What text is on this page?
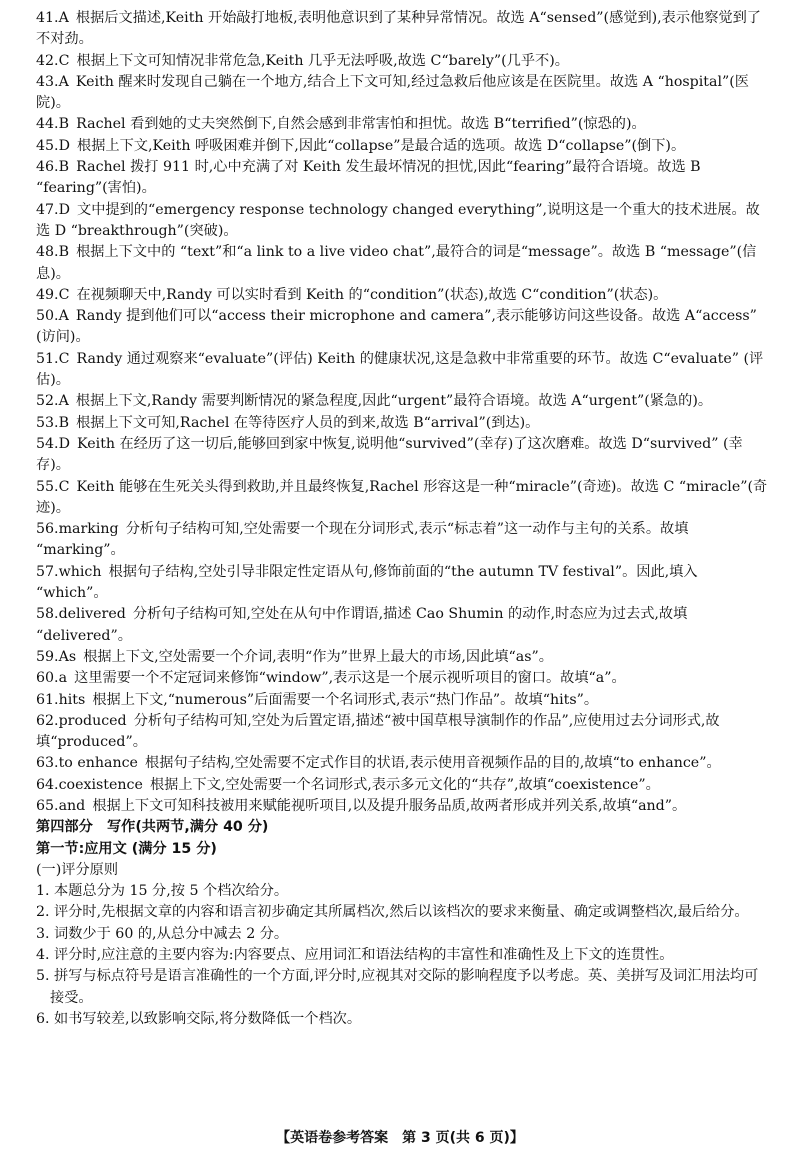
41.A  根据后文描述,Keith 开始敲打地板,表明他意识到了某种异常情况。故选 A“sensed”(感觉到),表示他察觉到了不对劲。

42.C  根据上下文可知情况非常危急,Keith 几乎无法呼吸,故选 C“barely”(几乎不)。

43.A  Keith 醒来时发现自己躺在一个地方,结合上下文可知,经过急救后他应该是在医院里。故选 A “hospital”(医院)。

44.B  Rachel 看到她的丈夫突然倒下,自然会感到非常害怕和担忧。故选 B“terrified”(惊恐的)。

45.D  根据上下文,Keith 呼吸困难并倒下,因此“collapse”是最合适的选项。故选 D“collapse”(倒下)。

46.B  Rachel 拨打 911 时,心中充满了对 Keith 发生最坏情况的担忧,因此“fearing”最符合语境。故选 B “fearing”(害怕)。

47.D  文中提到的“emergency response technology changed everything”,说明这是一个重大的技术进展。故选 D “breakthrough”(突破)。

48.B  根据上下文中的 “text”和“a link to a live video chat”,最符合的词是“message”。故选 B “message”(信息)。

49.C  在视频聊天中,Randy 可以实时看到 Keith 的“condition”(状态),故选 C“condition”(状态)。

50.A  Randy 提到他们可以“access their microphone and camera”,表示能够访问这些设备。故选 A“access” (访问)。

51.C  Randy 通过观察来“evaluate”(评估) Keith 的健康状况,这是急救中非常重要的环节。故选 C“evaluate” (评估)。

52.A  根据上下文,Randy 需要判断情况的紧急程度,因此“urgent”最符合语境。故选 A“urgent”(紧急的)。

53.B  根据上下文可知,Rachel 在等待医疗人员的到来,故选 B“arrival”(到达)。

54.D  Keith 在经历了这一切后,能够回到家中恢复,说明他“survived”(幸存)了这次磨难。故选 D“survived” (幸存)。

55.C  Keith 能够在生死关头得到救助,并且最终恢复,Rachel 形容这是一种“miracle”(奇迹)。故选 C “miracle”(奇迹)。

56.marking  分析句子结构可知,空处需要一个现在分词形式,表示“标志着”这一动作与主句的关系。故填 “marking”。

57.which  根据句子结构,空处引导非限定性定语从句,修饰前面的“the autumn TV festival”。因此,填入 “which”。

58.delivered  分析句子结构可知,空处在从句中作谓语,描述 Cao Shumin 的动作,时态应为过去式,故填 “delivered”。

59.As  根据上下文,空处需要一个介词,表明“作为”世界上最大的市场,因此填“as”。

60.a  这里需要一个不定冠词来修饰“window”,表示这是一个展示视听项目的窗口。故填“a”。

61.hits  根据上下文,“numerous”后面需要一个名词形式,表示“热门作品”。故填“hits”。

62.produced  分析句子结构可知,空处为后置定语,描述“被中国草根导演制作的作品”,应使用过去分词形式,故填“produced”。

63.to enhance  根据句子结构,空处需要不定式作目的状语,表示使用音视频作品的目的,故填“to enhance”。

64.coexistence  根据上下文,空处需要一个名词形式,表示多元文化的“共存”,故填“coexistence”。

65.and  根据上下文可知科技被用来赋能视听项目,以及提升服务品质,故两者形成并列关系,故填“and”。

第四部分　写作(共两节,满分 40 分)
第一节:应用文 (满分 15 分)

(一)评分原则

1. 本题总分为 15 分,按 5 个档次给分。

2. 评分时,先根据文章的内容和语言初步确定其所属档次,然后以该档次的要求来衡量、确定或调整档次,最后给分。

3. 词数少于 60 的,从总分中减去 2 分。

4. 评分时,应注意的主要内容为:内容要点、应用词汇和语法结构的丰富性和准确性及上下文的连贯性。

5. 拼写与标点符号是语言准确性的一个方面,评分时,应视其对交际的影响程度予以考虑。英、美拼写及词汇用法均可接受。

6. 如书写较差,以致影响交际,将分数降低一个档次。

【英语卷参考答案　第 3 页(共 6 页)】
